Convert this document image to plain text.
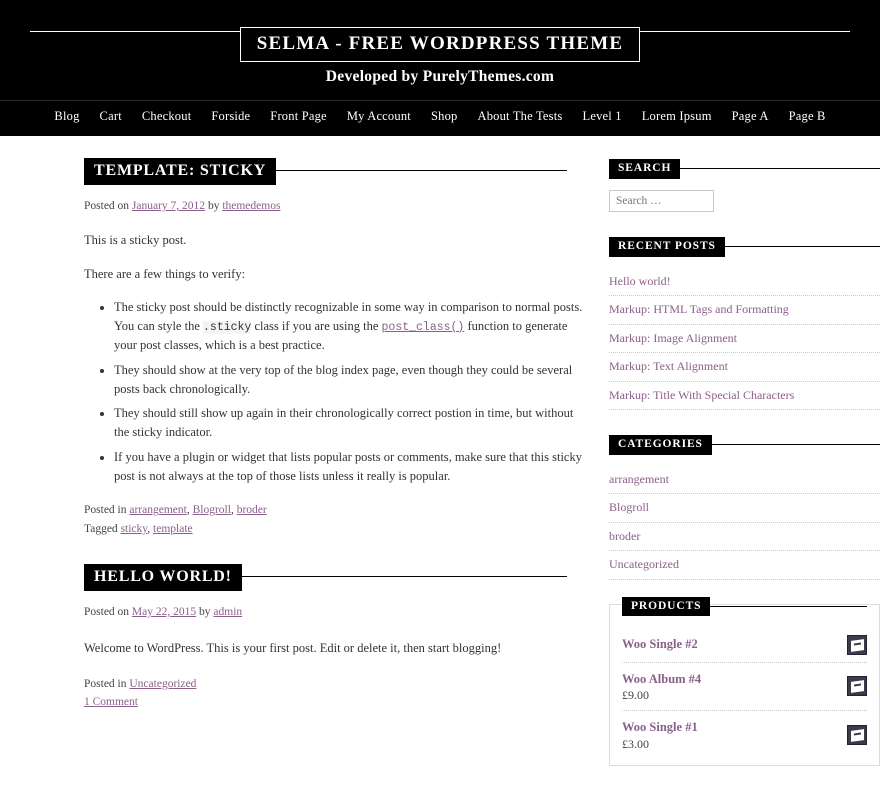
SELMA - FREE WORDPRESS THEME

Developed by PurelyThemes.com

Blog Cart Checkout Forside Front Page My Account Shop About The Tests Level 1 Lorem Ipsum Page A Page B
TEMPLATE: STICKY
Posted on January 7, 2012 by themedemos

This is a sticky post.

There are a few things to verify:

• The sticky post should be distinctly recognizable in some way in comparison to normal posts. You can style the .sticky class if you are using the post_class() function to generate your post classes, which is a best practice.
• They should show at the very top of the blog index page, even though they could be several posts back chronologically.
• They should still show up again in their chronologically correct postion in time, but without the sticky indicator.
• If you have a plugin or widget that lists popular posts or comments, make sure that this sticky post is not always at the top of those lists unless it really is popular.
Posted in arrangement, Blogroll, broder
Tagged sticky, template
HELLO WORLD!
Posted on May 22, 2015 by admin

Welcome to WordPress. This is your first post. Edit or delete it, then start blogging!

Posted in Uncategorized
1 Comment
SEARCH
Search …
RECENT POSTS
Hello world!
Markup: HTML Tags and Formatting
Markup: Image Alignment
Markup: Text Alignment
Markup: Title With Special Characters
CATEGORIES
arrangement
Blogroll
broder
Uncategorized
PRODUCTS
Woo Single #2
Woo Album #4
£9.00
Woo Single #1
£3.00
